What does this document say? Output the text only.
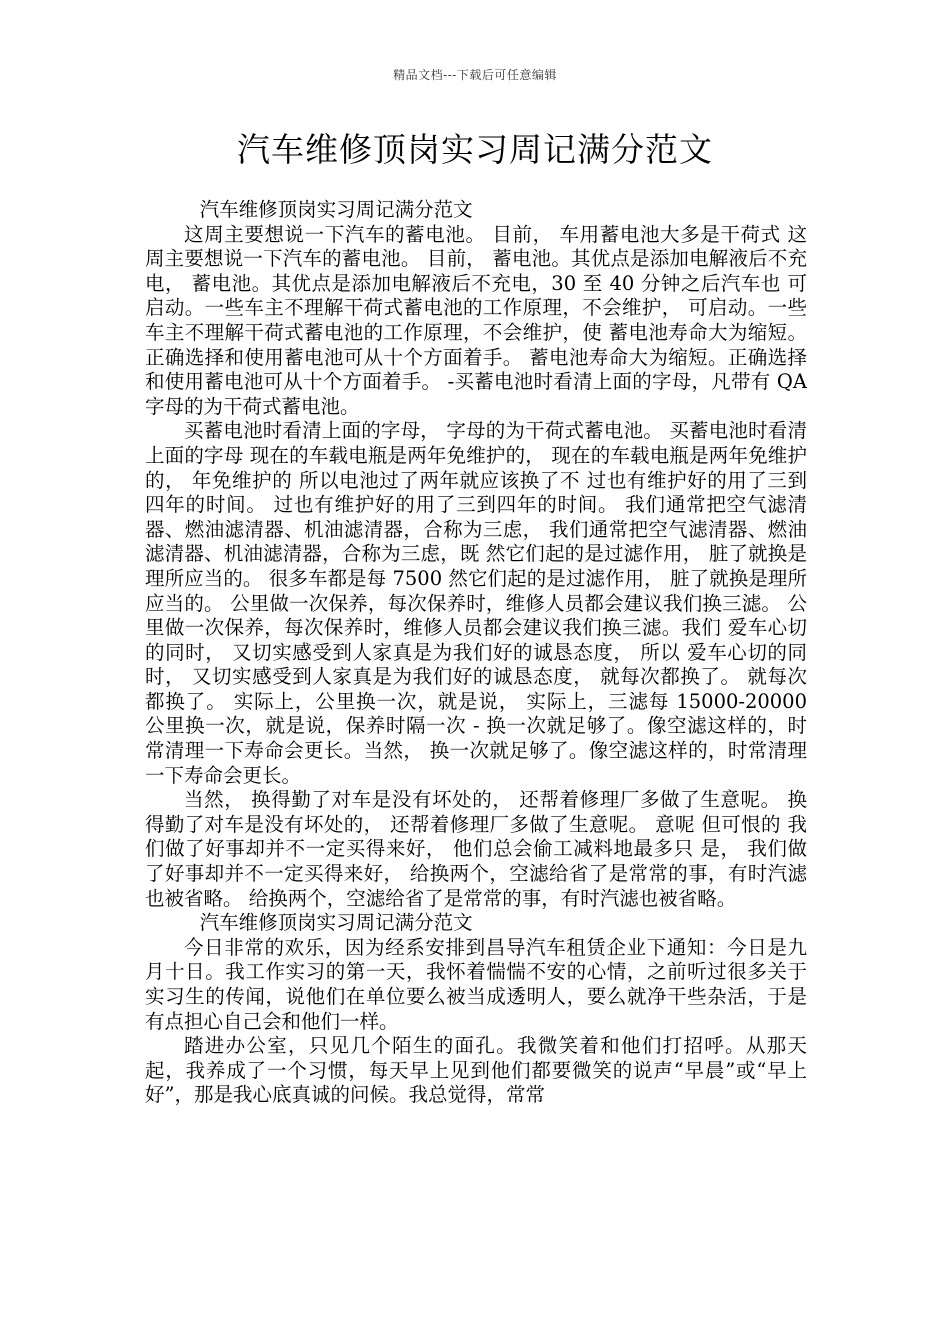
精品文档---下载后可任意编辑
汽车维修顶岗实习周记满分范文

汽车维修顶岗实习周记满分范文

这周主要想说一下汽车的蓄电池。 目前， 车用蓄电池大多是干荷式 这周主要想说一下汽车的蓄电池。 目前， 蓄电池。其优点是添加电解液后不充电， 蓄电池。其优点是添加电解液后不充电，30 至 40 分钟之后汽车也 可启动。一些车主不理解干荷式蓄电池的工作原理，不会维护， 可启动。一些车主不理解干荷式蓄电池的工作原理，不会维护，使 蓄电池寿命大为缩短。正确选择和使用蓄电池可从十个方面着手。 蓄电池寿命大为缩短。正确选择和使用蓄电池可从十个方面着手。 -买蓄电池时看清上面的字母，凡带有 QA 字母的为干荷式蓄电池。

买蓄电池时看清上面的字母， 字母的为干荷式蓄电池。 买蓄电池时看清上面的字母 现在的车载电瓶是两年免维护的， 现在的车载电瓶是两年免维护的， 年免维护的 所以电池过了两年就应该换了不 过也有维护好的用了三到四年的时间。 过也有维护好的用了三到四年的时间。 我们通常把空气滤清器、燃油滤清器、机油滤清器，合称为三虑， 我们通常把空气滤清器、燃油滤清器、机油滤清器，合称为三虑，既 然它们起的是过滤作用， 脏了就换是理所应当的。 很多车都是每 7500 然它们起的是过滤作用， 脏了就换是理所应当的。 公里做一次保养，每次保养时，维修人员都会建议我们换三滤。 公里做一次保养，每次保养时，维修人员都会建议我们换三滤。我们 爱车心切的同时， 又切实感受到人家真是为我们好的诚恳态度， 所以 爱车心切的同时， 又切实感受到人家真是为我们好的诚恳态度， 就每次都换了。 就每次都换了。 实际上，公里换一次，就是说， 实际上，三滤每 15000-20000 公里换一次，就是说，保养时隔一次 - 换一次就足够了。像空滤这样的，时常清理一下寿命会更长。当然， 换一次就足够了。像空滤这样的，时常清理一下寿命会更长。

当然， 换得勤了对车是没有坏处的， 还帮着修理厂多做了生意呢。 换得勤了对车是没有坏处的， 还帮着修理厂多做了生意呢。 意呢 但可恨的 我们做了好事却并不一定买得来好， 他们总会偷工减料地最多只 是， 我们做了好事却并不一定买得来好， 给换两个，空滤给省了是常常的事，有时汽滤也被省略。 给换两个，空滤给省了是常常的事，有时汽滤也被省略。

汽车维修顶岗实习周记满分范文

今日非常的欢乐，因为经系安排到昌导汽车租赁企业下通知：今日是九月十日。我工作实习的第一天，我怀着惴惴不安的心情，之前听过很多关于实习生的传闻，说他们在单位要么被当成透明人，要么就净干些杂活，于是有点担心自己会和他们一样。

踏进办公室，只见几个陌生的面孔。我微笑着和他们打招呼。从那天起，我养成了一个习惯，每天早上见到他们都要微笑的说声“早晨”或“早上好”，那是我心底真诚的问候。我总觉得，常常
